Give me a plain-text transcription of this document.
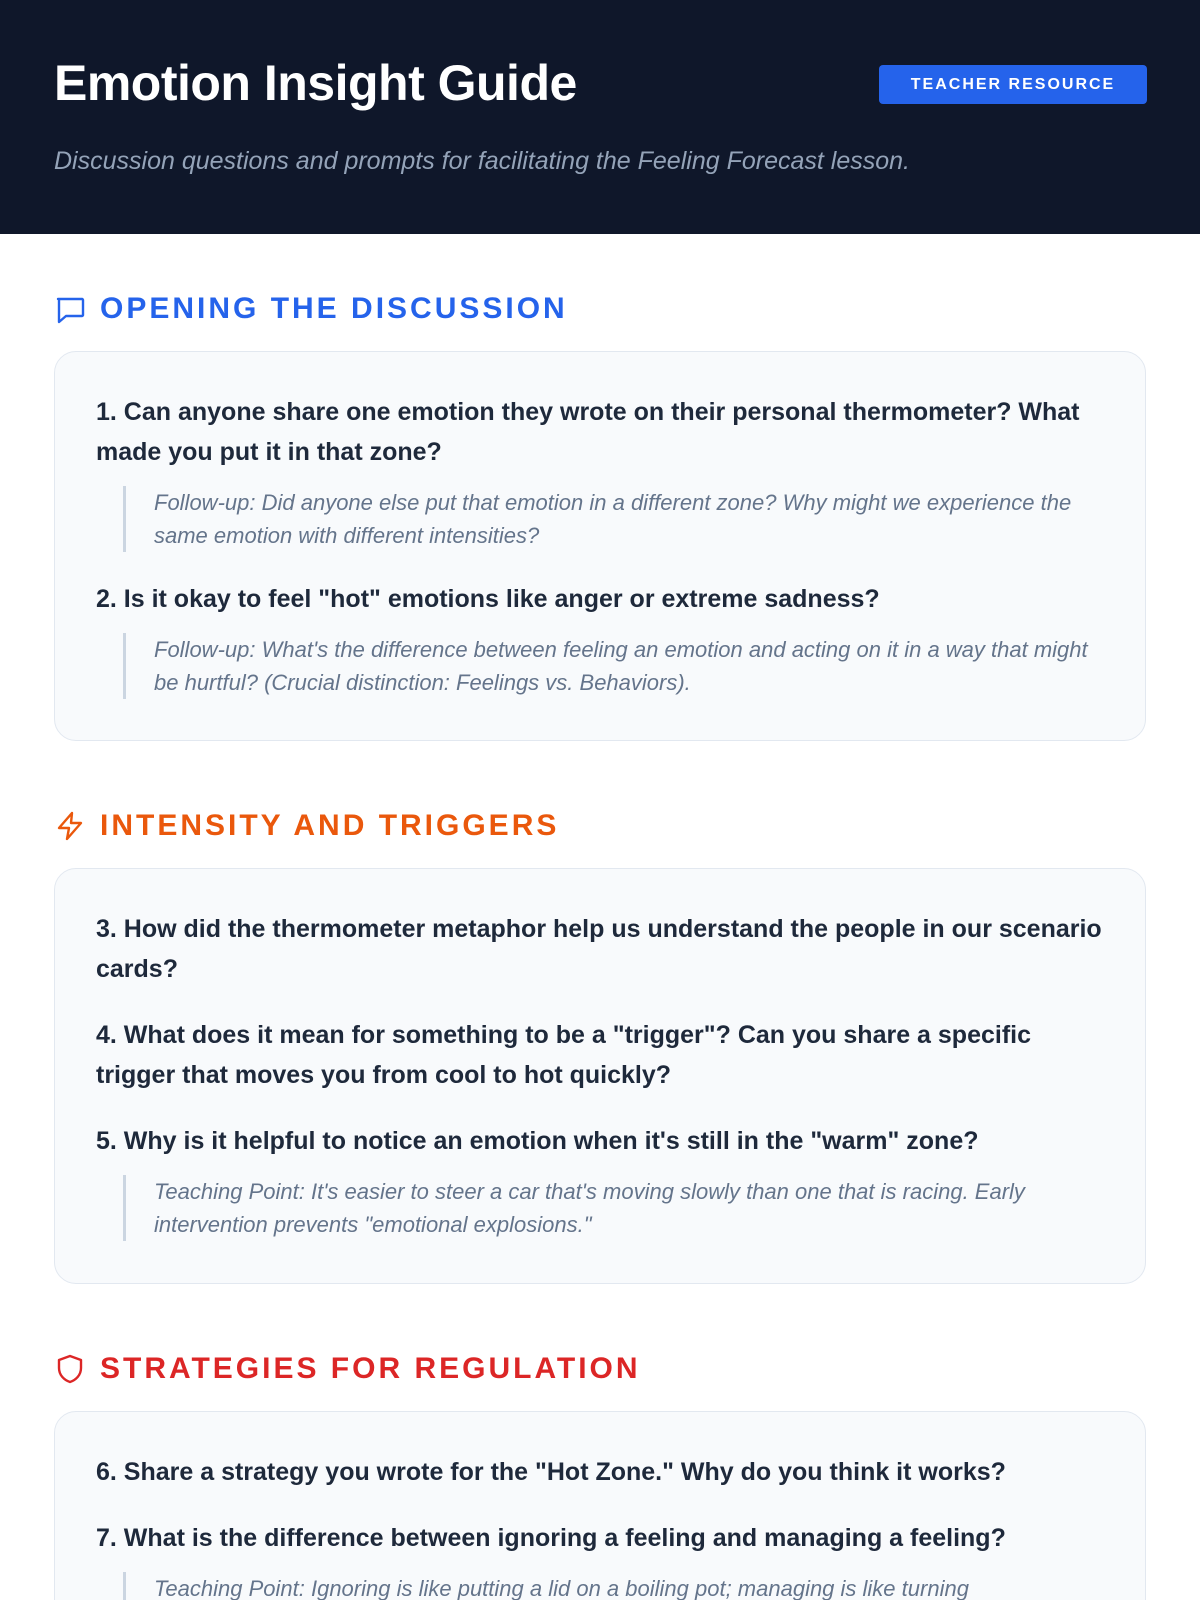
Emotion Insight Guide	TEACHER RESOURCE

Discussion questions and prompts for facilitating the Feeling Forecast lesson.

OPENING THE DISCUSSION

1. Can anyone share one emotion they wrote on their personal thermometer? What made you put it in that zone?

Follow-up: Did anyone else put that emotion in a different zone? Why might we experience the same emotion with different intensities?

2. Is it okay to feel "hot" emotions like anger or extreme sadness?

Follow-up: What's the difference between feeling an emotion and acting on it in a way that might be hurtful? (Crucial distinction: Feelings vs. Behaviors).

INTENSITY AND TRIGGERS

3. How did the thermometer metaphor help us understand the people in our scenario cards?

4. What does it mean for something to be a "trigger"? Can you share a specific trigger that moves you from cool to hot quickly?

5. Why is it helpful to notice an emotion when it's still in the "warm" zone?

Teaching Point: It's easier to steer a car that's moving slowly than one that is racing. Early intervention prevents "emotional explosions."

STRATEGIES FOR REGULATION

6. Share a strategy you wrote for the "Hot Zone." Why do you think it works?

7. What is the difference between ignoring a feeling and managing a feeling?

Teaching Point: Ignoring is like putting a lid on a boiling pot; managing is like turning
